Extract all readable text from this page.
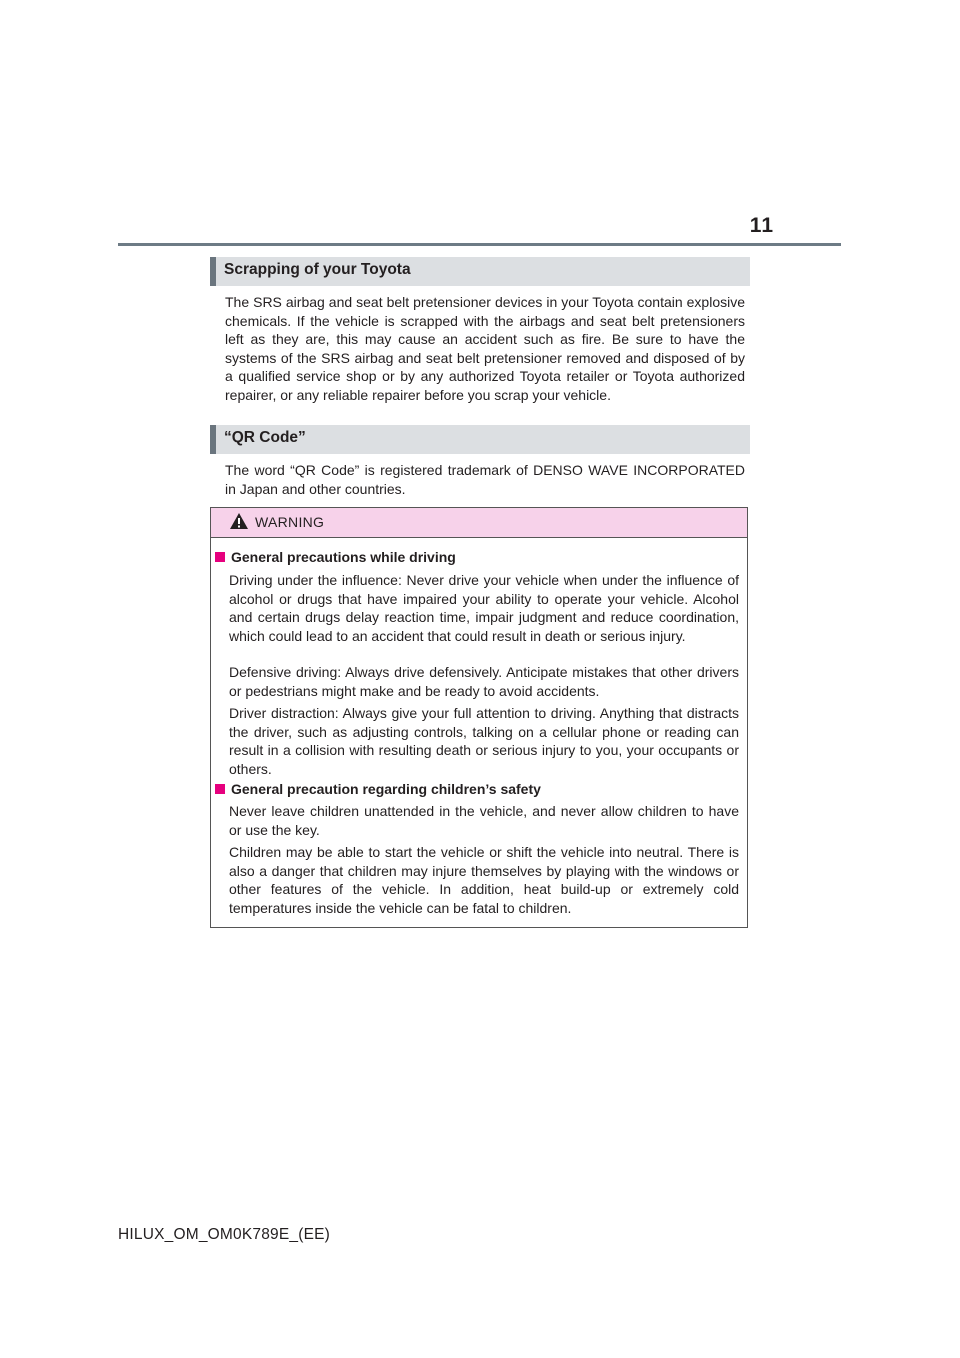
11
Scrapping of your Toyota
The SRS airbag and seat belt pretensioner devices in your Toyota contain explosive chemicals. If the vehicle is scrapped with the airbags and seat belt pretensioners left as they are, this may cause an accident such as fire. Be sure to have the systems of the SRS airbag and seat belt pretensioner removed and disposed of by a qualified service shop or by any authorized Toyota retailer or Toyota authorized repairer, or any reliable repairer before you scrap your vehicle.
“QR Code”
The word “QR Code” is registered trademark of DENSO WAVE INCORPORATED in Japan and other countries.
WARNING
General precautions while driving
Driving under the influence: Never drive your vehicle when under the influence of alcohol or drugs that have impaired your ability to operate your vehicle. Alcohol and certain drugs delay reaction time, impair judgment and reduce coordination, which could lead to an accident that could result in death or serious injury.
Defensive driving: Always drive defensively. Anticipate mistakes that other drivers or pedestrians might make and be ready to avoid accidents.
Driver distraction: Always give your full attention to driving. Anything that distracts the driver, such as adjusting controls, talking on a cellular phone or reading can result in a collision with resulting death or serious injury to you, your occupants or others.
General precaution regarding children’s safety
Never leave children unattended in the vehicle, and never allow children to have or use the key.
Children may be able to start the vehicle or shift the vehicle into neutral. There is also a danger that children may injure themselves by playing with the windows or other features of the vehicle. In addition, heat build-up or extremely cold temperatures inside the vehicle can be fatal to children.
HILUX_OM_OM0K789E_(EE)
